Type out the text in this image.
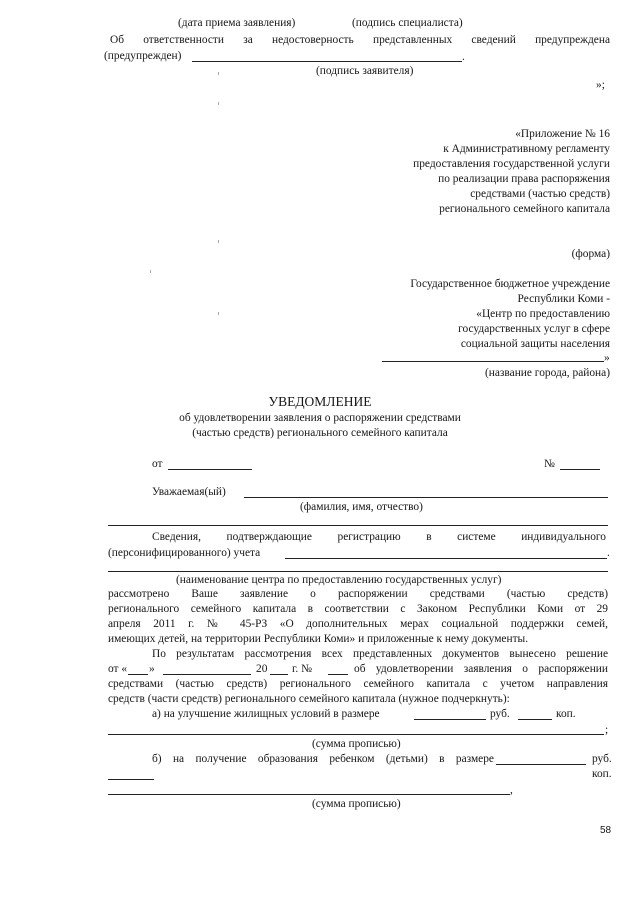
(дата приема заявления)	(подпись специалиста)
Об ответственности за недостоверность представленных сведений предупреждена
(предупрежден)	.
(подпись заявителя)
»;
«Приложение № 16
к Административному регламенту
предоставления государственной услуги
по реализации права распоряжения
средствами (частью средств)
регионального семейного капитала
(форма)
Государственное бюджетное учреждение
Республики Коми -
«Центр по предоставлению
государственных услуг в сфере
социальной защиты населения
»
(название города, района)
УВЕДОМЛЕНИЕ
об удовлетворении заявления о распоряжении средствами
(частью средств) регионального семейного капитала
от	№
Уважаемая(ый)
(фамилия, имя, отчество)
Сведения, подтверждающие регистрацию в системе индивидуального
(персонифицированного) учета	.
(наименование центра по предоставлению государственных услуг)
рассмотрено Ваше заявление о распоряжении средствами (частью средств)
регионального семейного капитала в соответствии с Законом Республики Коми от 29
апреля 2011 г. № 45-РЗ «О дополнительных мерах социальной поддержки семей,
имеющих детей, на территории Республики Коми» и приложенные к нему документы.
По результатам рассмотрения всех представленных документов вынесено решение
от « »	20 г. №	об удовлетворении заявления о распоряжении
средствами (частью средств) регионального семейного капитала с учетом направления
средств (части средств) регионального семейного капитала (нужное подчеркнуть):
а) на улучшение жилищных условий в размере	руб.	коп.
;
(сумма прописью)
б) на получение образования ребенком (детьми) в размере	руб.
коп.
,
(сумма прописью)
58
